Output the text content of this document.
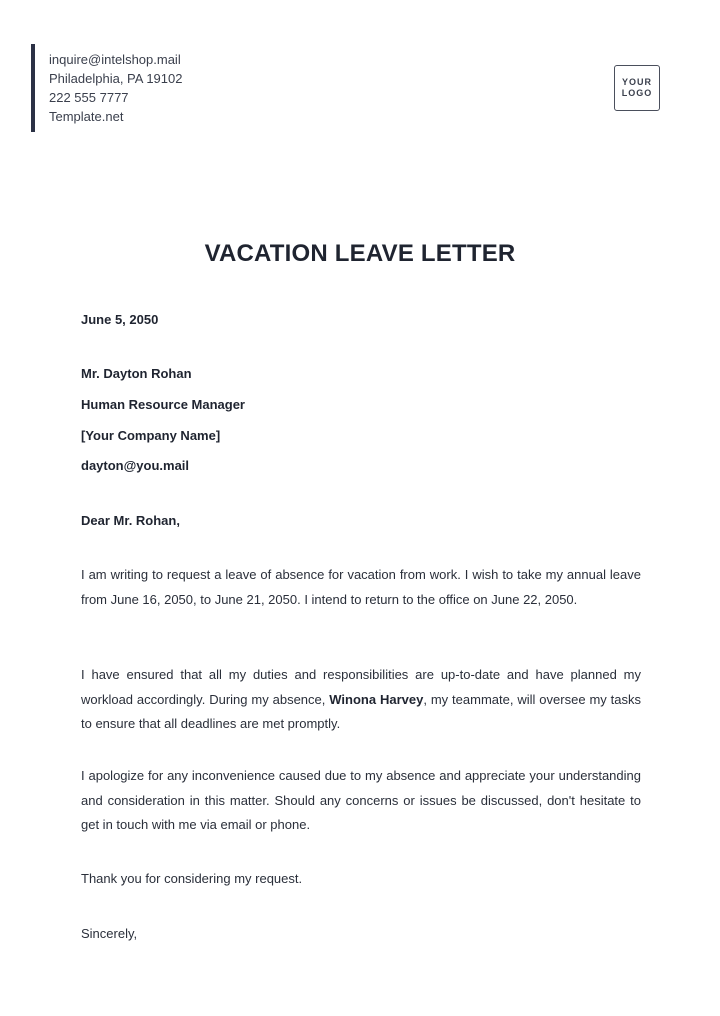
inquire@intelshop.mail
Philadelphia, PA 19102
222 555 7777
Template.net
YOUR
LOGO
VACATION LEAVE LETTER
June 5, 2050
Mr. Dayton Rohan
Human Resource Manager
[Your Company Name]
dayton@you.mail
Dear Mr. Rohan,
I am writing to request a leave of absence for vacation from work. I wish to take my annual leave from June 16, 2050, to June 21, 2050. I intend to return to the office on June 22, 2050.
I have ensured that all my duties and responsibilities are up-to-date and have planned my workload accordingly. During my absence, Winona Harvey, my teammate, will oversee my tasks to ensure that all deadlines are met promptly.
I apologize for any inconvenience caused due to my absence and appreciate your understanding and consideration in this matter. Should any concerns or issues be discussed, don't hesitate to get in touch with me via email or phone.
Thank you for considering my request.
Sincerely,
